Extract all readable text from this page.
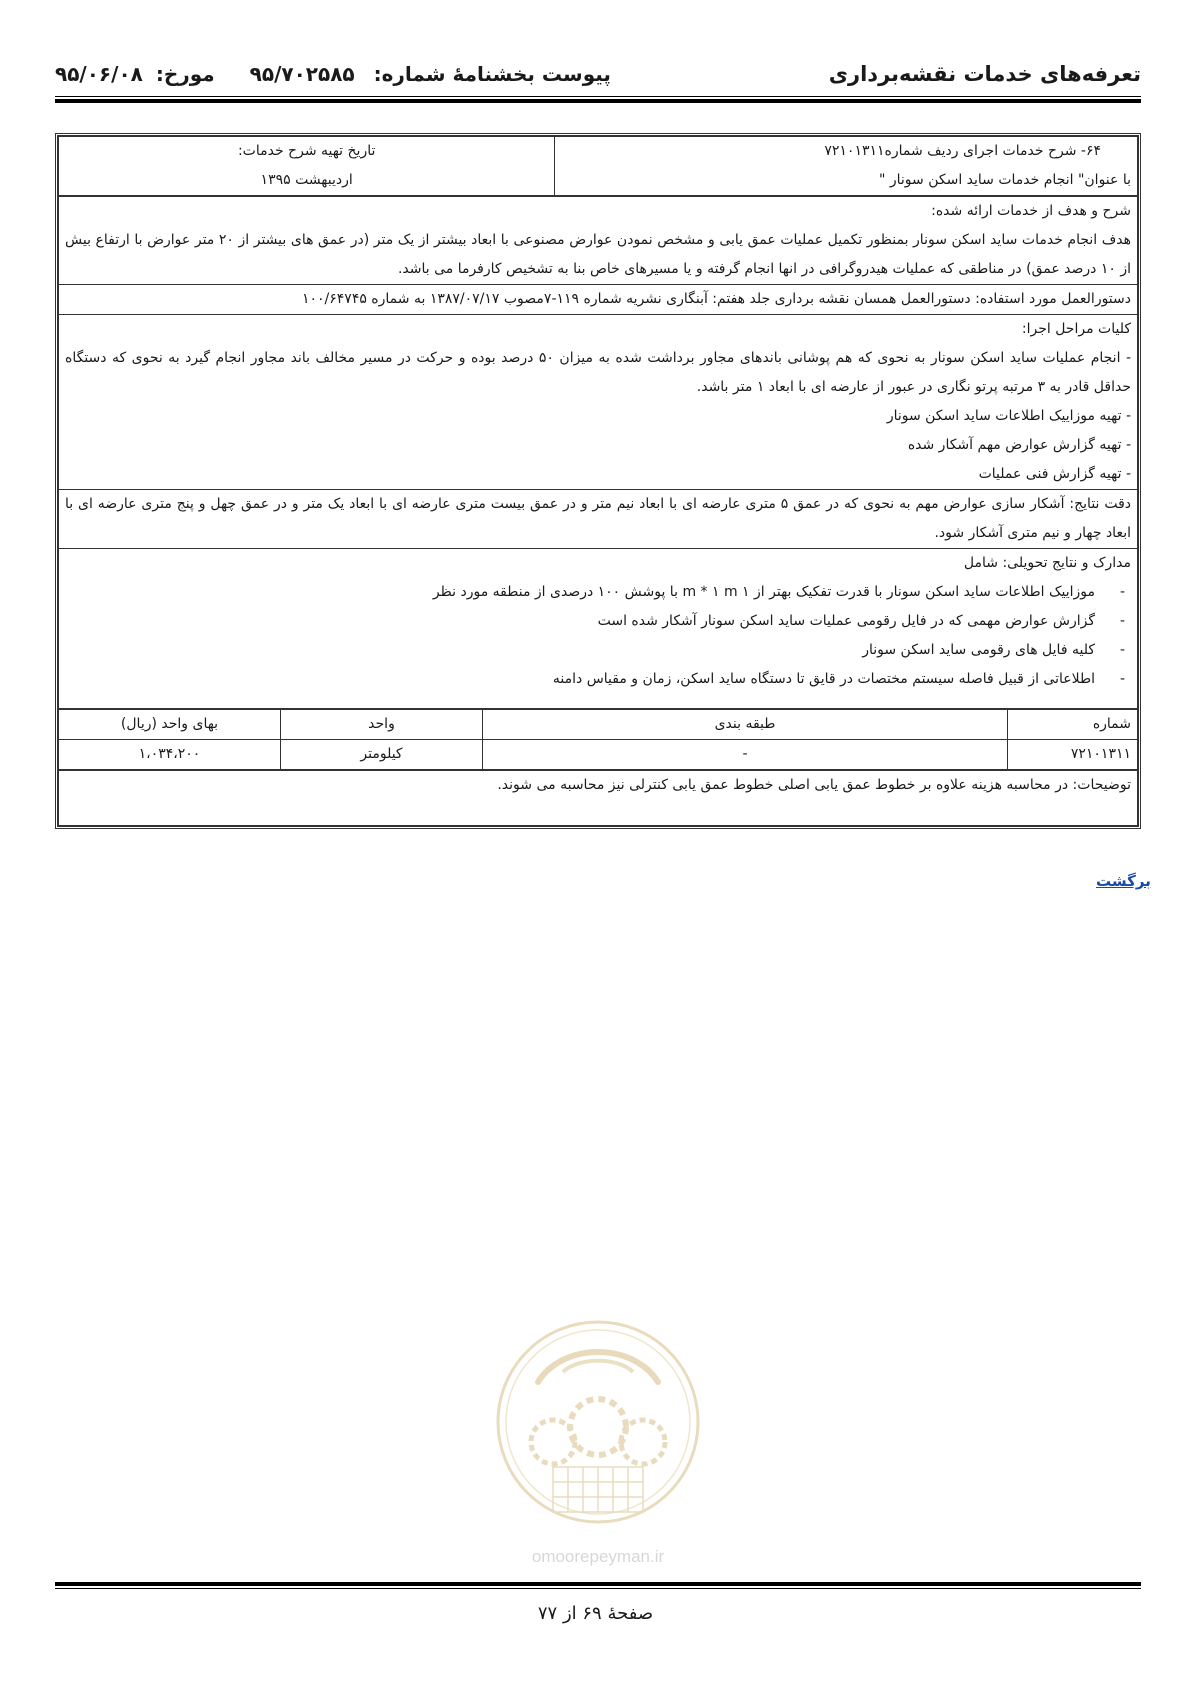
تعرفه‌های خدمات نقشه‌برداری
پیوست بخشنامهٔ شماره: ۹۵/۷۰۲۵۸۵ مورخ: ۹۵/۰۶/۰۸
۶۴- شرح خدمات اجرای ردیف شماره۷۲۱۰۱۳۱۱
با عنوان" انجام خدمات ساید اسکن سونار "

تاریخ تهیه شرح خدمات:
اردیبهشت ۱۳۹۵
شرح و هدف از خدمات ارائه شده:
هدف انجام خدمات ساید اسکن سونار بمنظور تکمیل عملیات عمق یابی و مشخص نمودن عوارض مصنوعی با ابعاد بیشتر از یک متر (در عمق های بیشتر از ۲۰ متر عوارض با ارتفاع بیش از ۱۰ درصد عمق) در مناطقی که عملیات هیدروگرافی در انها انجام گرفته و یا مسیرهای خاص بنا به تشخیص کارفرما می باشد.

دستورالعمل مورد استفاده: دستورالعمل همسان نقشه برداری جلد هفتم: آبنگاری نشریه شماره ۱۱۹-۷مصوب ۱۳۸۷/۰۷/۱۷ به شماره ۱۰۰/۶۴۷۴۵

کلیات مراحل اجرا:
- انجام عملیات ساید اسکن سونار به نحوی که هم پوشانی باندهای مجاور برداشت شده به میزان ۵۰ درصد بوده و حرکت در مسیر مخالف باند مجاور انجام گیرد به نحوی که دستگاه حداقل قادر به ۳ مرتبه پرتو نگاری در عبور از عارضه ای با ابعاد ۱ متر باشد.
- تهیه موزاییک اطلاعات ساید اسکن سونار
- تهیه گزارش عوارض مهم آشکار شده
- تهیه گزارش فنی عملیات

دقت نتایج: آشکار سازی عوارض مهم به نحوی که در عمق ۵ متری عارضه ای با ابعاد نیم متر و در عمق بیست متری عارضه ای با ابعاد یک متر و در عمق چهل و پنج متری عارضه ای با ابعاد چهار و نیم متری آشکار شود.

مدارک و نتایج تحویلی: شامل
- موزاییک اطلاعات ساید اسکن سونار با قدرت تفکیک بهتر از ۱ m * ۱ m با پوشش ۱۰۰ درصدی از منطقه مورد نظر
- گزارش عوارض مهمی که در فایل رقومی عملیات ساید اسکن سونار آشکار شده است
- کلیه فایل های رقومی ساید اسکن سونار
- اطلاعاتی از قبیل فاصله سیستم مختصات در قایق تا دستگاه ساید اسکن، زمان و مقیاس دامنه
شماره	طبقه بندی	واحد	بهای واحد (ریال)
۷۲۱۰۱۳۱۱	-	کیلومتر	۱،۰۳۴،۲۰۰
توضیحات: در محاسبه هزینه علاوه بر خطوط عمق یابی اصلی خطوط عمق یابی کنترلی نیز محاسبه می شوند.
برگشت
omoorepeyman.ir
صفحهٔ ۶۹ از ۷۷
